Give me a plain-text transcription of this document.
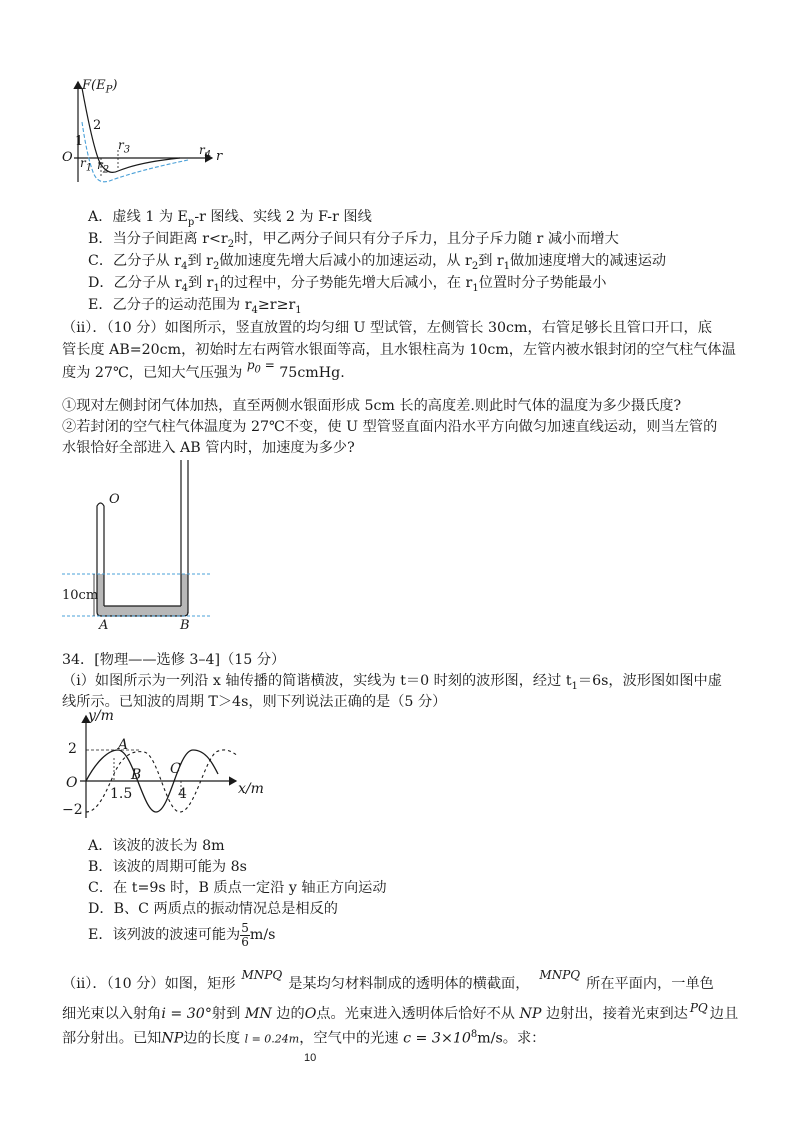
$F(E_P)$
2
1
O
$r_3$
$r_1$ $r_2$
$r_4$ r
A．虚线 1 为 $E_p-r$ 图线、实线 2 为 F-r 图线
B．当分子间距离 $r<r_2$时，甲乙两分子间只有分子斥力，且分子斥力随 r 减小而增大
C．乙分子从 $r_4$到 $r_2$做加速度先增大后减小的加速运动，从 $r_2$到 $r_1$做加速度增大的减速运动
D．乙分子从 $r_4$到 $r_1$的过程中，分子势能先增大后减小，在 $r_1$位置时分子势能最小
E．乙分子的运动范围为 $r_4\ge r\ge r_1$
（ii）．（10 分）如图所示，竖直放置的均匀细 U 型试管，左侧管长 30cm，右管足够长且管口开口，底
管长度 AB=20cm，初始时左右两管水银面等高，且水银柱高为 10cm，左管内被水银封闭的空气柱气体温
度为 27℃，已知大气压强为 $^{p_0 =}$ 75cmHg.
①现对左侧封闭气体加热，直至两侧水银面形成 5cm 长的高度差.则此时气体的温度为多少摄氏度?
②若封闭的空气柱气体温度为 27℃不变，使 U 型管竖直面内沿水平方向做匀加速直线运动，则当左管的
水银恰好全部进入 AB 管内时，加速度为多少?
O
10cm
A	B
34．[物理——选修 3–4]（15 分）
（i）如图所示为一列沿 x 轴传播的简谐横波，实线为 t＝0 时刻的波形图，经过 $t_1=6s$，波形图如图中虚
线所示。已知波的周期 T＞4s，则下列说法正确的是（5 分）
y/m
2	A
O	B C
1.5	4	x/m
−2
A．该波的波长为 8m
B．该波的周期可能为 8s
C．在 t=9s 时，B 质点一定沿 y 轴正方向运动
D．B、C 两质点的振动情况总是相反的
E．该列波的波速可能为 $\frac{5}{6} m/s$
（ii）．（10 分）如图，矩形$^{MNPQ}$是某均匀材料制成的透明体的横截面，$^{MNPQ}$所在平面内，一单色
细光束以入射角i = 30°射到 MN 边的O点。光束进入透明体后恰好不从 NP 边射出，接着光束到达 $^{PQ}$ 边且
部分射出。已知NP边的长度 l = 0.24m，空气中的光速 $c = 3\times 10^8m/s$。求：
10
